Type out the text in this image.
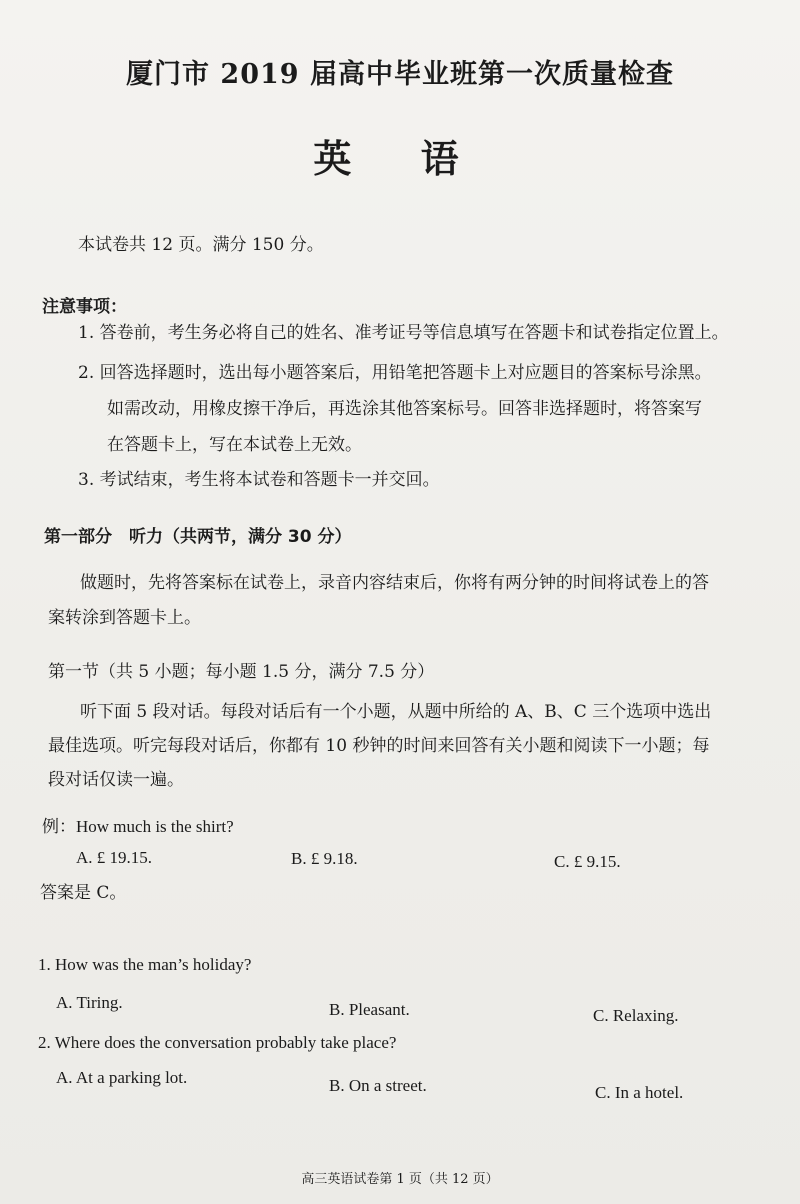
厦门市 2019 届高中毕业班第一次质量检查
英 语
本试卷共 12 页。满分 150 分。
注意事项：
1. 答卷前，考生务必将自己的姓名、准考证号等信息填写在答题卡和试卷指定位置上。
2. 回答选择题时，选出每小题答案后，用铅笔把答题卡上对应题目的答案标号涂黑。
如需改动，用橡皮擦干净后，再选涂其他答案标号。回答非选择题时，将答案写
在答题卡上，写在本试卷上无效。
3. 考试结束，考生将本试卷和答题卡一并交回。
第一部分　听力（共两节，满分 30 分）
做题时，先将答案标在试卷上，录音内容结束后，你将有两分钟的时间将试卷上的答
案转涂到答题卡上。
第一节（共 5 小题；每小题 1.5 分，满分 7.5 分）
听下面 5 段对话。每段对话后有一个小题，从题中所给的 A、B、C 三个选项中选出
最佳选项。听完每段对话后，你都有 10 秒钟的时间来回答有关小题和阅读下一小题；每
段对话仅读一遍。
例：How much is the shirt?
A. £ 19.15.	B. £ 9.18.	C. £ 9.15.
答案是 C。
1. How was the man’s holiday?
A. Tiring.	B. Pleasant.	C. Relaxing.
2. Where does the conversation probably take place?
A. At a parking lot.	B. On a street.	C. In a hotel.
高三英语试卷第 1 页（共 12 页）
